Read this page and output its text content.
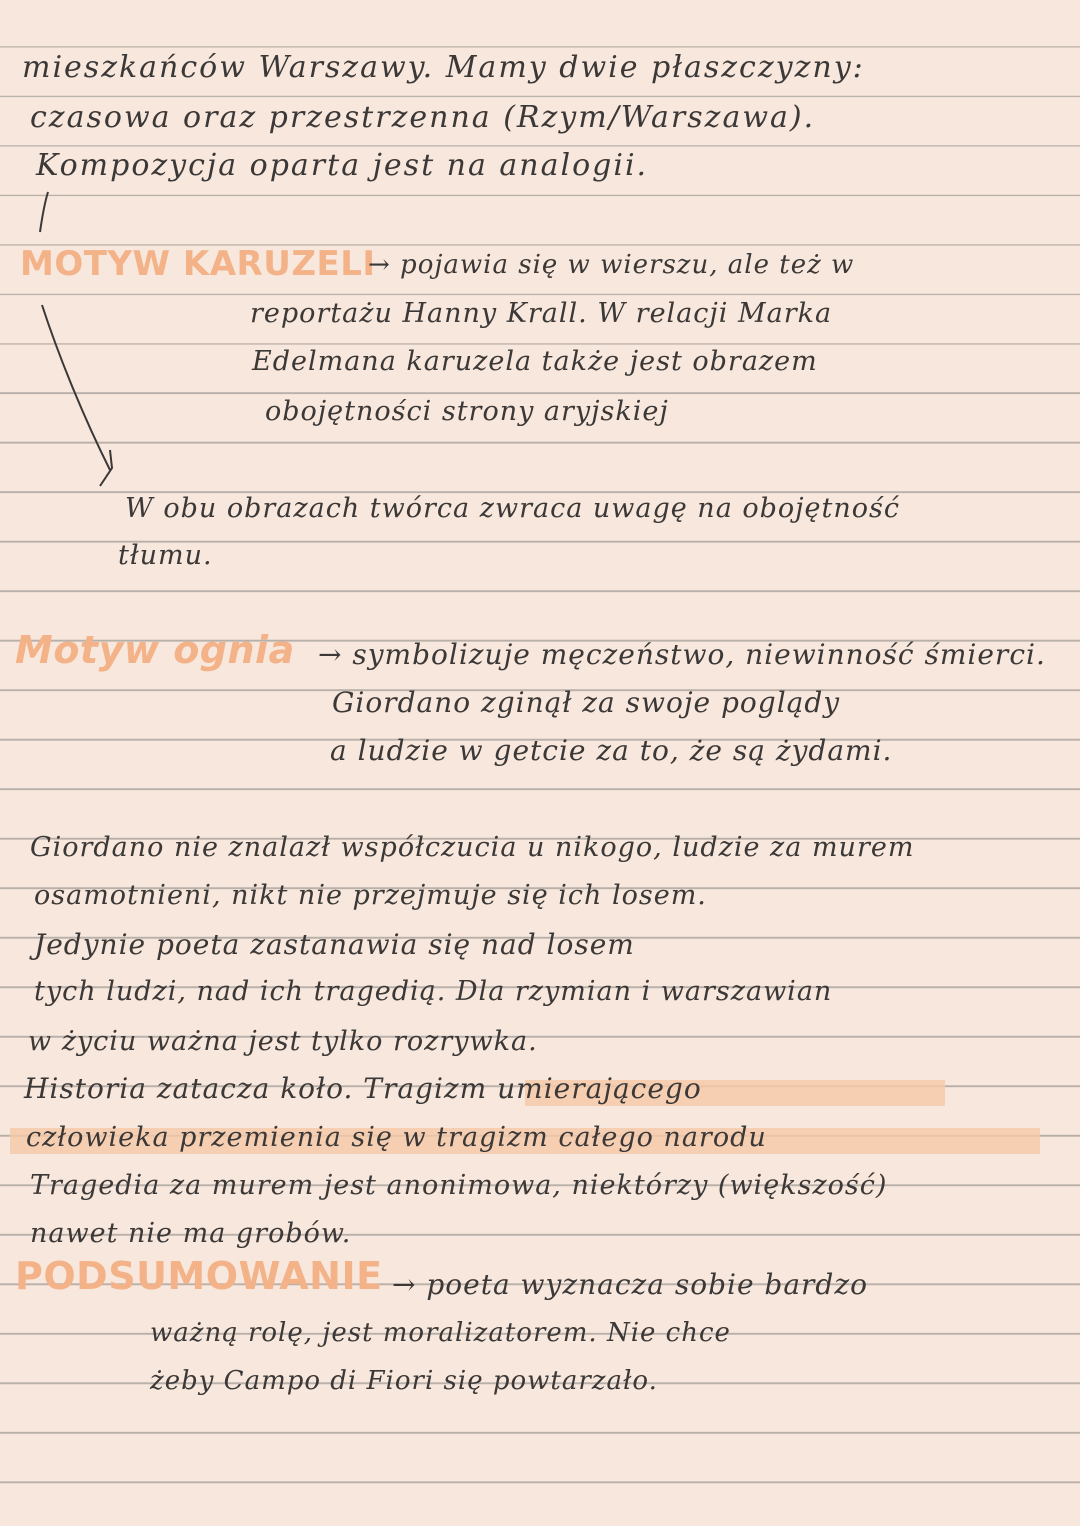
mieszkańców Warszawy. Mamy dwie płaszczyzny:
czasowa oraz przestrzenna (Rzym/Warszawa).
Kompozycja oparta jest na analogii.
MOTYW KARUZELI
→ pojawia się w wierszu, ale też w
reportażu Hanny Krall. W relacji Marka
Edelmana karuzela także jest obrazem
obojętności strony aryjskiej
W obu obrazach twórca zwraca uwagę na obojętność
tłumu.
Motyw ognia → symbolizuje męczeństwo, niewinność śmierci.
Giordano zginął za swoje poglądy
a ludzie w getcie za to, że są żydami.
Giordano nie znalazł współczucia u nikogo, ludzie za murem
osamotnieni, nikt nie przejmuje się ich losem.
Jedynie poeta zastanawia się nad losem
tych ludzi, nad ich tragedią. Dla rzymian i warszawian
w życiu ważna jest tylko rozrywka.
Historia zatacza koło. Tragizm umierającego
człowieka przemienia się w tragizm całego narodu
Tragedia za murem jest anonimowa, niektórzy (większość)
nawet nie ma grobów.
PODSUMOWANIE → poeta wyznacza sobie bardzo
ważną rolę, jest moralizatorem. Nie chce
żeby Campo di Fiori się powtarzało.
